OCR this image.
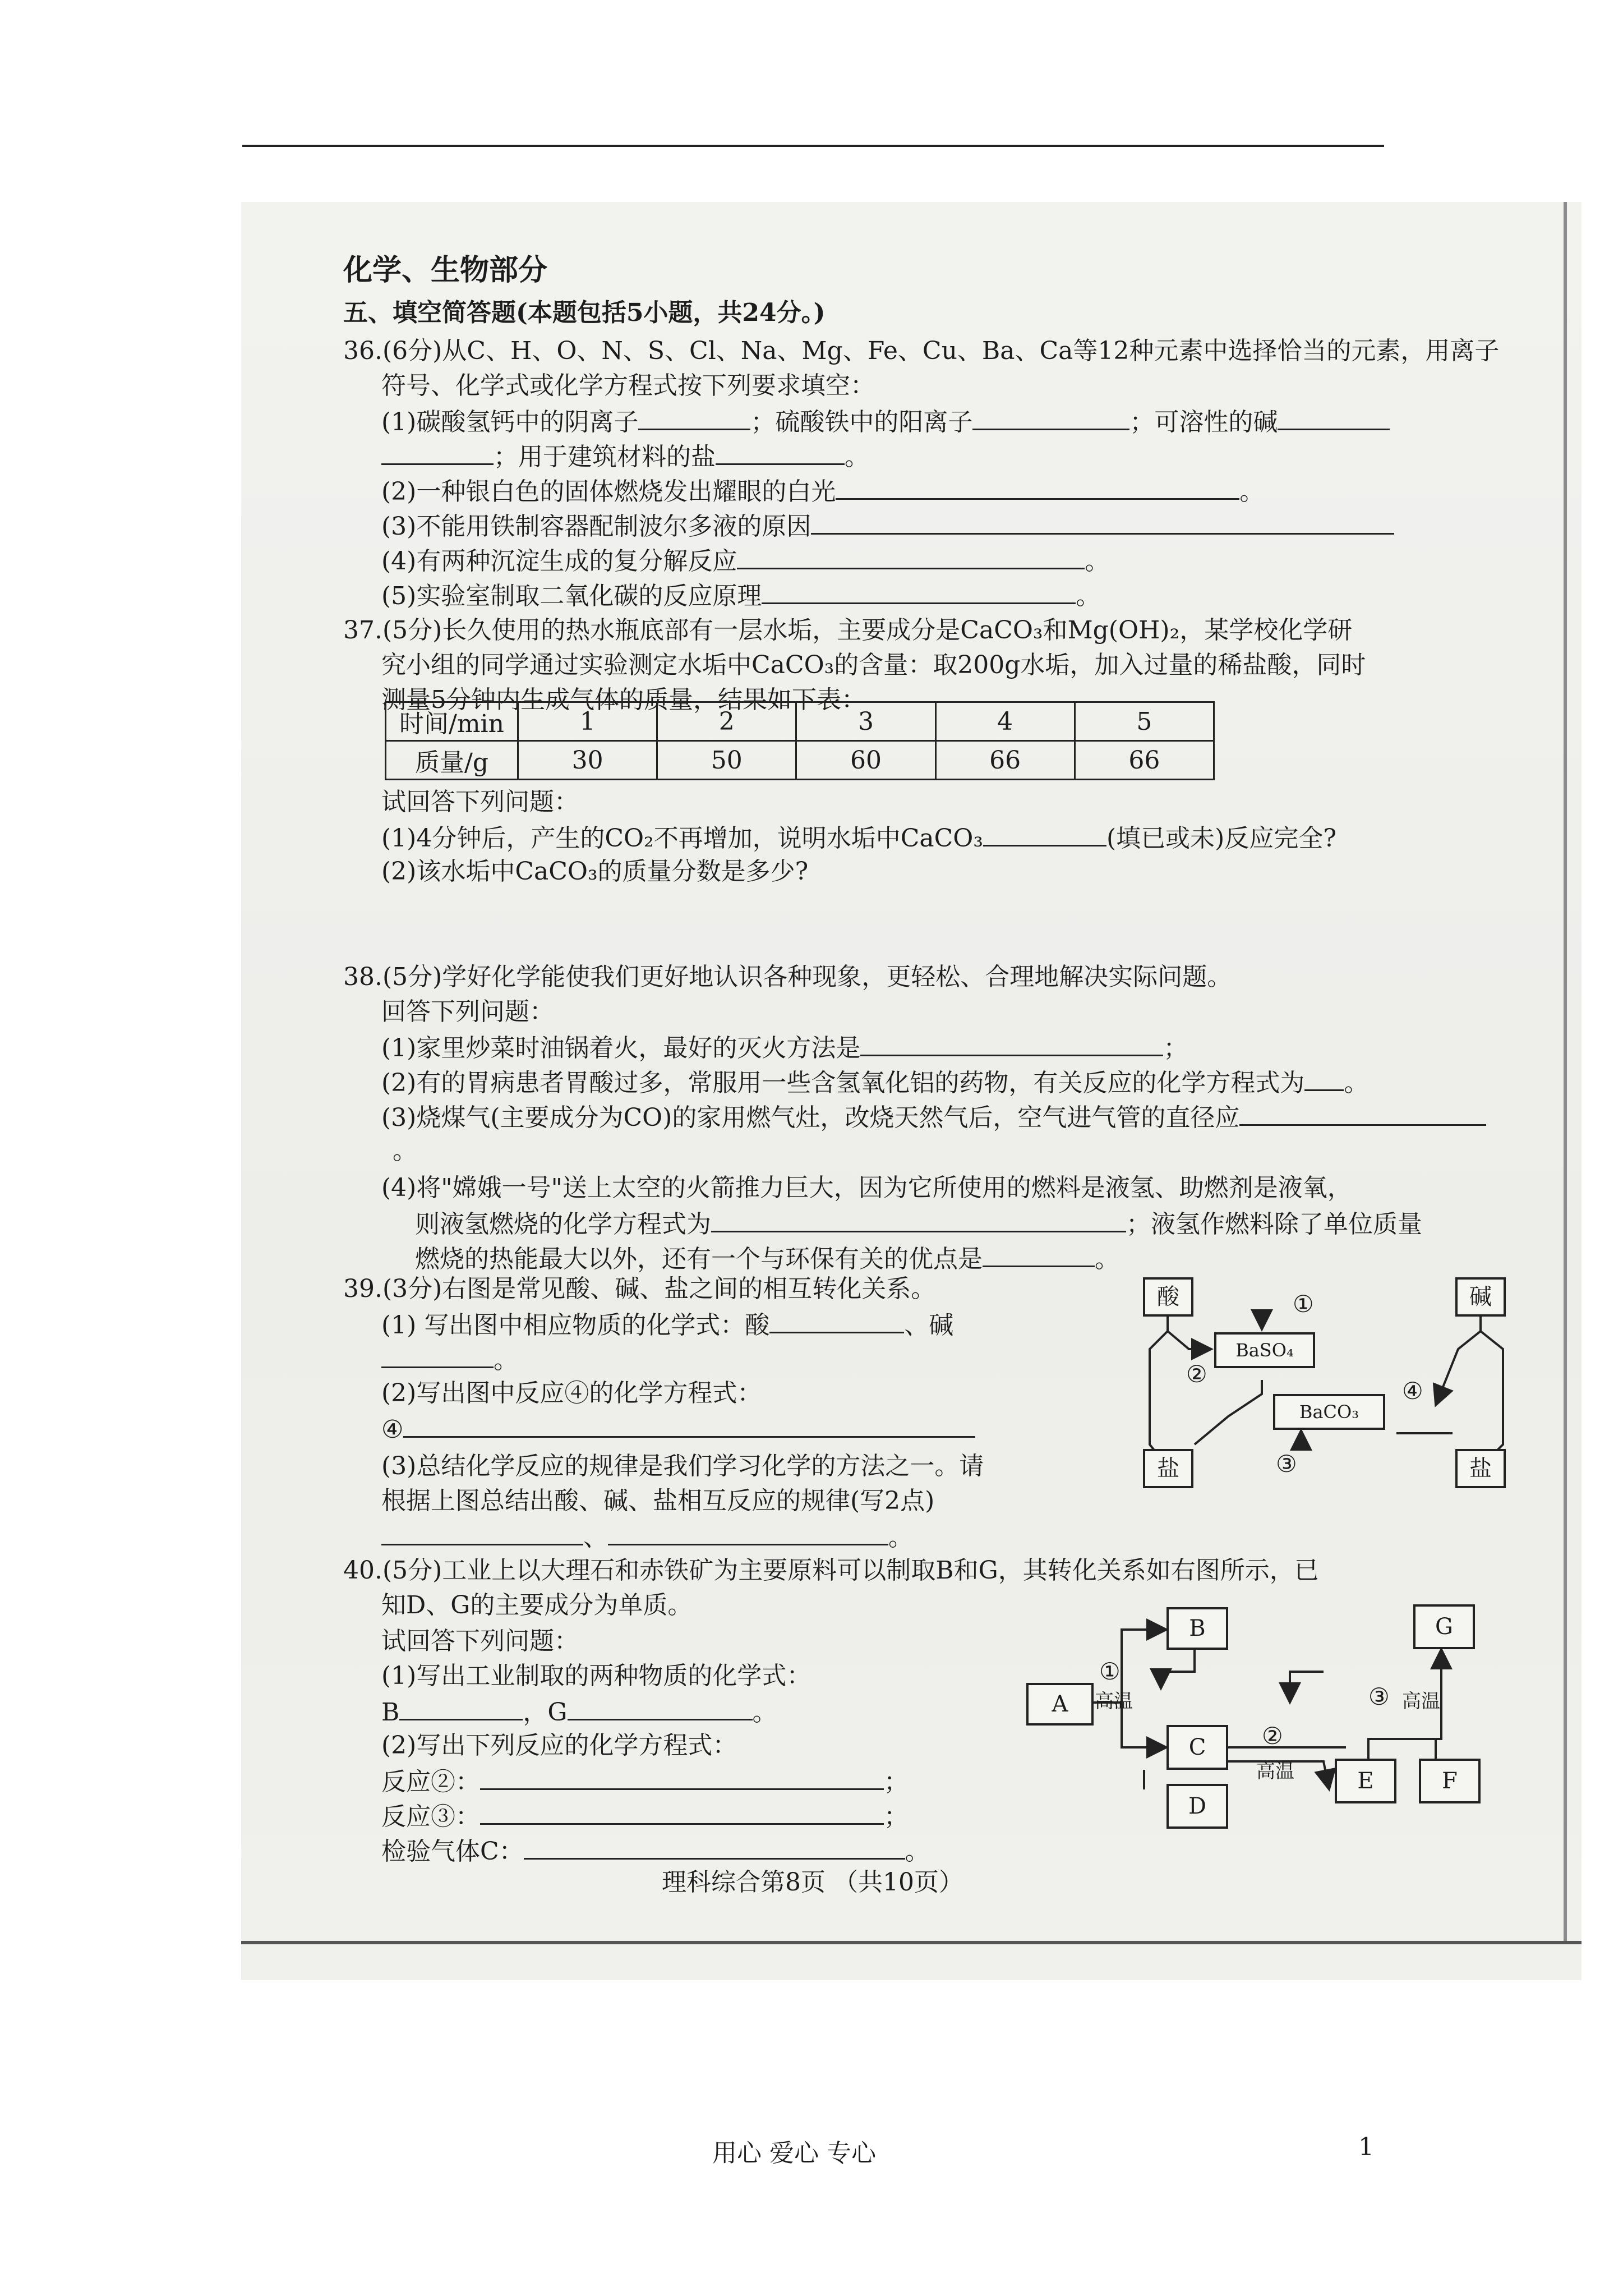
化学、生物部分
五、填空简答题(本题包括5小题，共24分。)
36.(6分)从C、H、O、N、S、Cl、Na、Mg、Fe、Cu、Ba、Ca等12种元素中选择恰当的元素，用离子
符号、化学式或化学方程式按下列要求填空：
(1)碳酸氢钙中的阴离子	；硫酸铁中的阳离子	；可溶性的碱
；用于建筑材料的盐	。
(2)一种银白色的固体燃烧发出耀眼的白光	。
(3)不能用铁制容器配制波尔多液的原因
(4)有两种沉淀生成的复分解反应	。
(5)实验室制取二氧化碳的反应原理	。
37.(5分)长久使用的热水瓶底部有一层水垢，主要成分是CaCO₃和Mg(OH)₂，某学校化学研
究小组的同学通过实验测定水垢中CaCO₃的含量：取200g水垢，加入过量的稀盐酸，同时
测量5分钟内生成气体的质量，结果如下表：
时间/min	1	2	3	4	5
质量/g	30	50	60	66	66
试回答下列问题：
(1)4分钟后，产生的CO₂不再增加，说明水垢中CaCO₃	(填已或未)反应完全?
(2)该水垢中CaCO₃的质量分数是多少?
38.(5分)学好化学能使我们更好地认识各种现象，更轻松、合理地解决实际问题。
回答下列问题：
(1)家里炒菜时油锅着火，最好的灭火方法是	；
(2)有的胃病患者胃酸过多，常服用一些含氢氧化铝的药物，有关反应的化学方程式为 。
(3)烧煤气(主要成分为CO)的家用燃气灶，改烧天然气后，空气进气管的直径应
。
(4)将"嫦娥一号"送上太空的火箭推力巨大，因为它所使用的燃料是液氢、助燃剂是液氧，
则液氢燃烧的化学方程式为	；液氢作燃料除了单位质量
燃烧的热能最大以外，还有一个与环保有关的优点是	。
39.(3分)右图是常见酸、碱、盐之间的相互转化关系。
(1) 写出图中相应物质的化学式：酸	、碱
。
(2)写出图中反应④的化学方程式：
④
(3)总结化学反应的规律是我们学习化学的方法之一。请
根据上图总结出酸、碱、盐相互反应的规律(写2点)
、	。
酸	碱
BaSO₄
BaCO₃
盐	盐
①
②
③
④
40.(5分)工业上以大理石和赤铁矿为主要原料可以制取B和G，其转化关系如右图所示，已
知D、G的主要成分为单质。
试回答下列问题：
(1)写出工业制取的两种物质的化学式：
B	，G	。
(2)写出下列反应的化学方程式：
反应②：	；
反应③：	；
检验气体C：	。
A
B
C
D
E	F
G
①
高温
②
高温
③ 高温
理科综合第8页 （共10页）
用心 爱心 专心	1
